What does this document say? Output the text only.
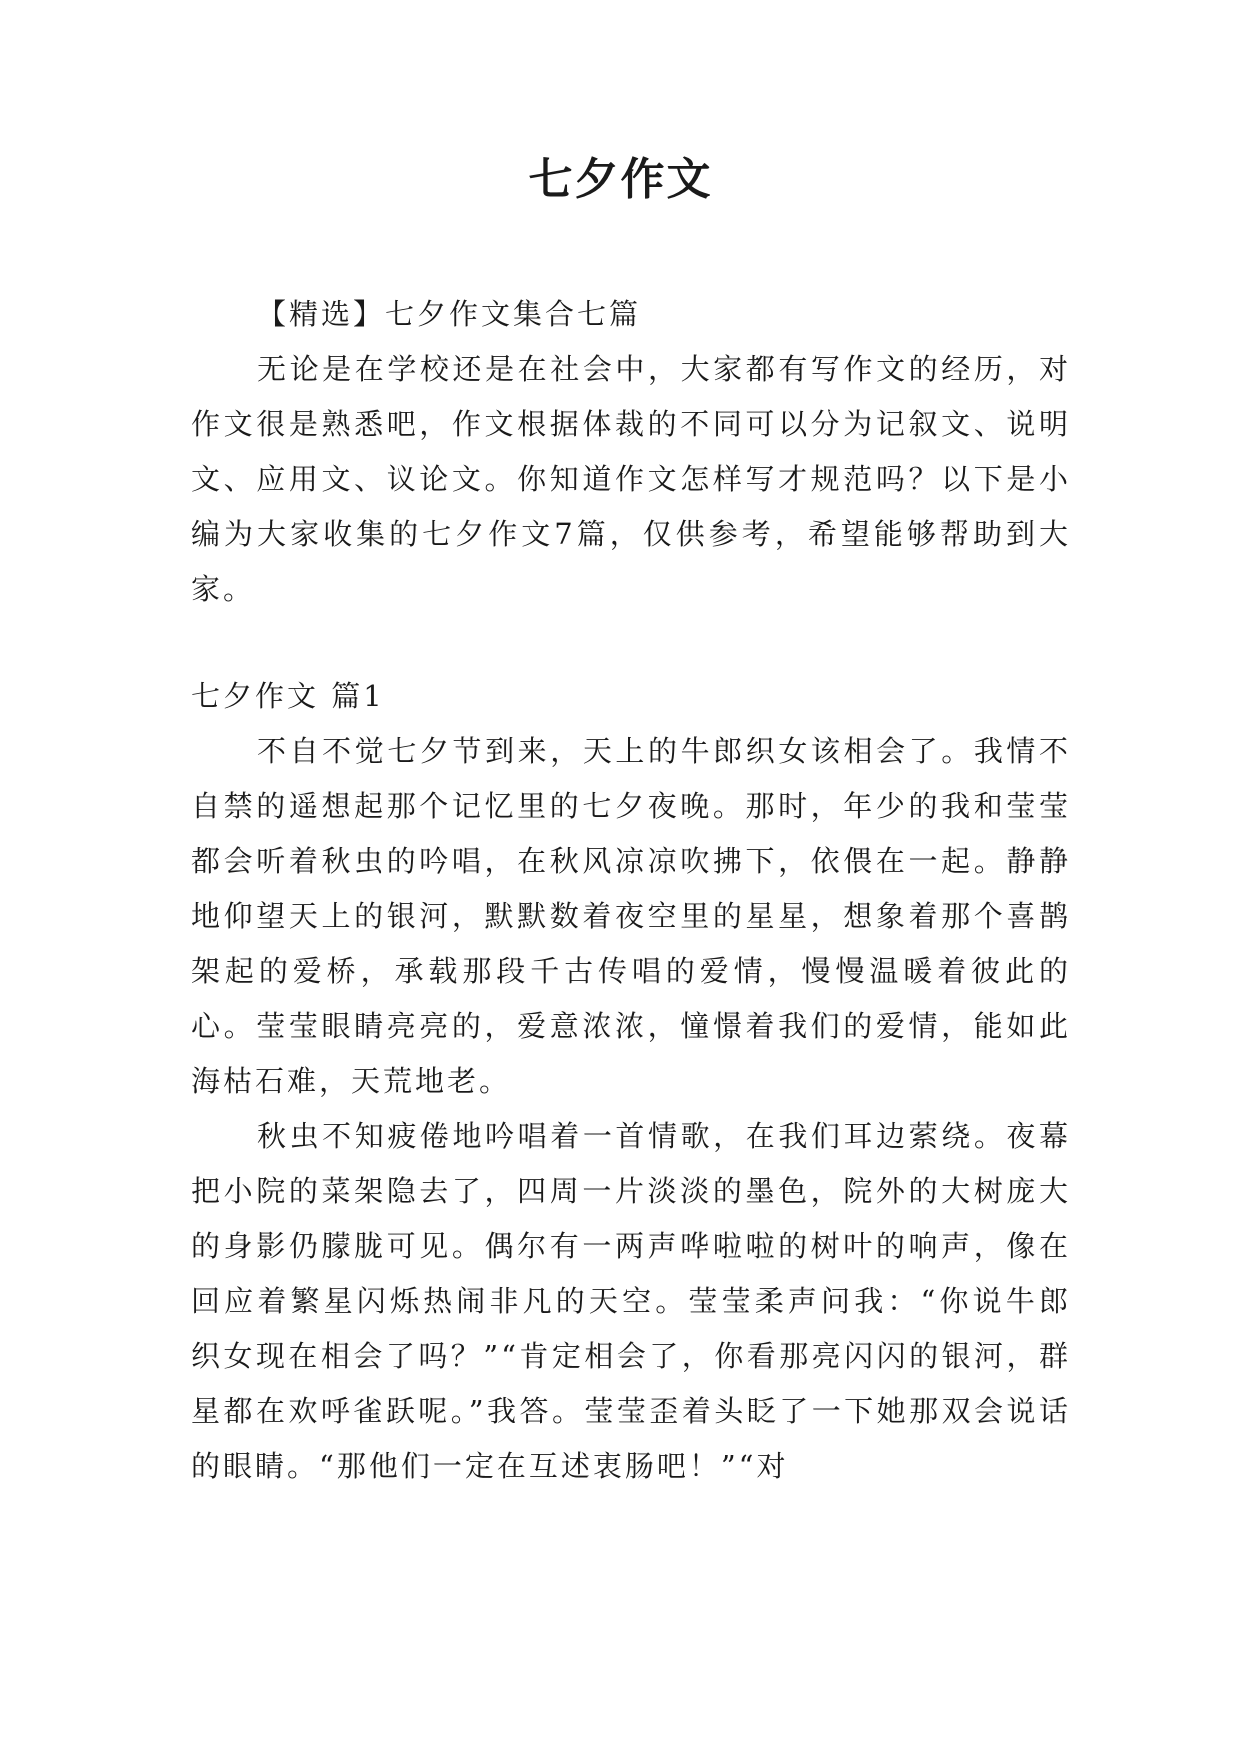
七夕作文

【精选】七夕作文集合七篇

无论是在学校还是在社会中，大家都有写作文的经历，对作文很是熟悉吧，作文根据体裁的不同可以分为记叙文、说明文、应用文、议论文。你知道作文怎样写才规范吗？以下是小编为大家收集的七夕作文7篇，仅供参考，希望能够帮助到大家。

七夕作文 篇1

不自不觉七夕节到来，天上的牛郎织女该相会了。我情不自禁的遥想起那个记忆里的七夕夜晚。那时，年少的我和莹莹都会听着秋虫的吟唱，在秋风凉凉吹拂下，依偎在一起。静静地仰望天上的银河，默默数着夜空里的星星，想象着那个喜鹊架起的爱桥，承载那段千古传唱的爱情，慢慢温暖着彼此的心。莹莹眼睛亮亮的，爱意浓浓，憧憬着我们的爱情，能如此海枯石难，天荒地老。

秋虫不知疲倦地吟唱着一首情歌，在我们耳边萦绕。夜幕把小院的菜架隐去了，四周一片淡淡的墨色，院外的大树庞大的身影仍朦胧可见。偶尔有一两声哗啦啦的树叶的响声，像在回应着繁星闪烁热闹非凡的天空。莹莹柔声问我：“你说牛郎织女现在相会了吗？”“肯定相会了，你看那亮闪闪的银河，群星都在欢呼雀跃呢。”我答。莹莹歪着头眨了一下她那双会说话的眼睛。“那他们一定在互述衷肠吧！”“对
